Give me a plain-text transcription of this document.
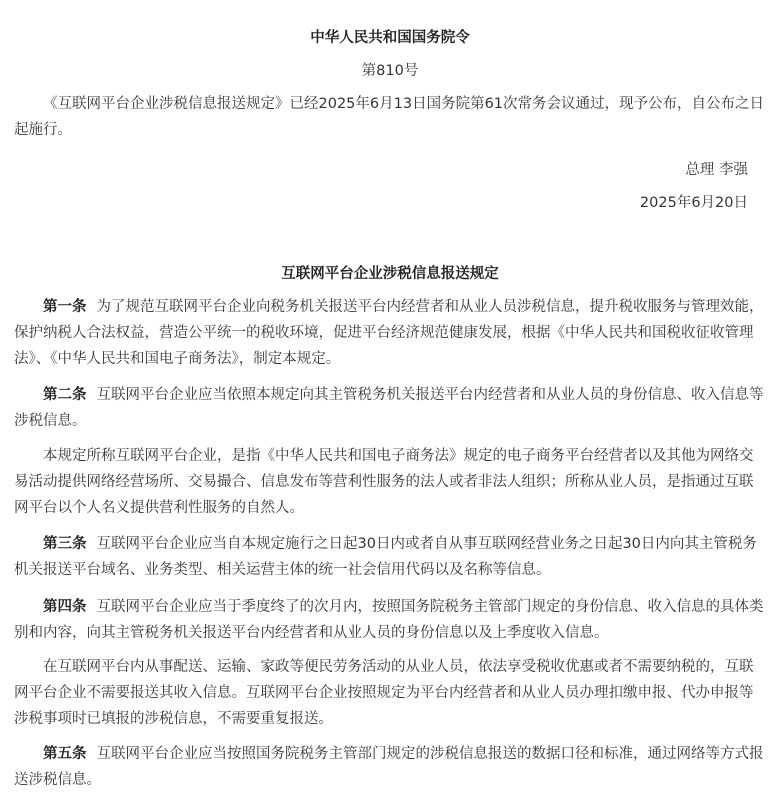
中华人民共和国国务院令
第810号
《互联网平台企业涉税信息报送规定》已经2025年6月13日国务院第61次常务会议通过，现予公布，自公布之日起施行。
总理 李强
2025年6月20日
互联网平台企业涉税信息报送规定
第一条 为了规范互联网平台企业向税务机关报送平台内经营者和从业人员涉税信息，提升税收服务与管理效能，保护纳税人合法权益，营造公平统一的税收环境，促进平台经济规范健康发展，根据《中华人民共和国税收征收管理法》、《中华人民共和国电子商务法》，制定本规定。
第二条 互联网平台企业应当依照本规定向其主管税务机关报送平台内经营者和从业人员的身份信息、收入信息等涉税信息。
本规定所称互联网平台企业，是指《中华人民共和国电子商务法》规定的电子商务平台经营者以及其他为网络交易活动提供网络经营场所、交易撮合、信息发布等营利性服务的法人或者非法人组织；所称从业人员，是指通过互联网平台以个人名义提供营利性服务的自然人。
第三条 互联网平台企业应当自本规定施行之日起30日内或者自从事互联网经营业务之日起30日内向其主管税务机关报送平台域名、业务类型、相关运营主体的统一社会信用代码以及名称等信息。
第四条 互联网平台企业应当于季度终了的次月内，按照国务院税务主管部门规定的身份信息、收入信息的具体类别和内容，向其主管税务机关报送平台内经营者和从业人员的身份信息以及上季度收入信息。
在互联网平台内从事配送、运输、家政等便民劳务活动的从业人员，依法享受税收优惠或者不需要纳税的，互联网平台企业不需要报送其收入信息。互联网平台企业按照规定为平台内经营者和从业人员办理扣缴申报、代办申报等涉税事项时已填报的涉税信息，不需要重复报送。
第五条 互联网平台企业应当按照国务院税务主管部门规定的涉税信息报送的数据口径和标准，通过网络等方式报送涉税信息。
